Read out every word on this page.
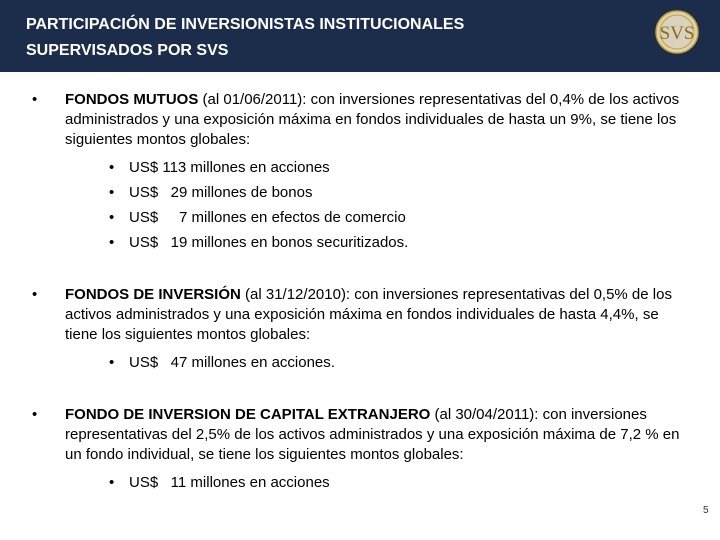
PARTICIPACIÓN DE INVERSIONISTAS INSTITUCIONALES
SUPERVISADOS POR SVS
SVS
•	FONDOS MUTUOS (al 01/06/2011): con inversiones representativas del 0,4% de los activos administrados y una exposición máxima en fondos individuales de hasta un 9%, se tiene los siguientes montos globales:

• US$ 113 millones en acciones
• US$   29 millones de bonos
• US$     7 millones en efectos de comercio
• US$   19 millones en bonos securitizados.
•	FONDOS DE INVERSIÓN (al 31/12/2010): con inversiones representativas del 0,5% de los activos administrados y una exposición máxima en fondos individuales de hasta 4,4%, se tiene los siguientes montos globales:

• US$   47 millones en acciones.
•	FONDO DE INVERSION DE CAPITAL EXTRANJERO (al 30/04/2011): con inversiones representativas del 2,5% de los activos administrados y una exposición máxima de 7,2 % en un fondo individual, se tiene los siguientes montos globales:

• US$   11 millones en acciones
5
